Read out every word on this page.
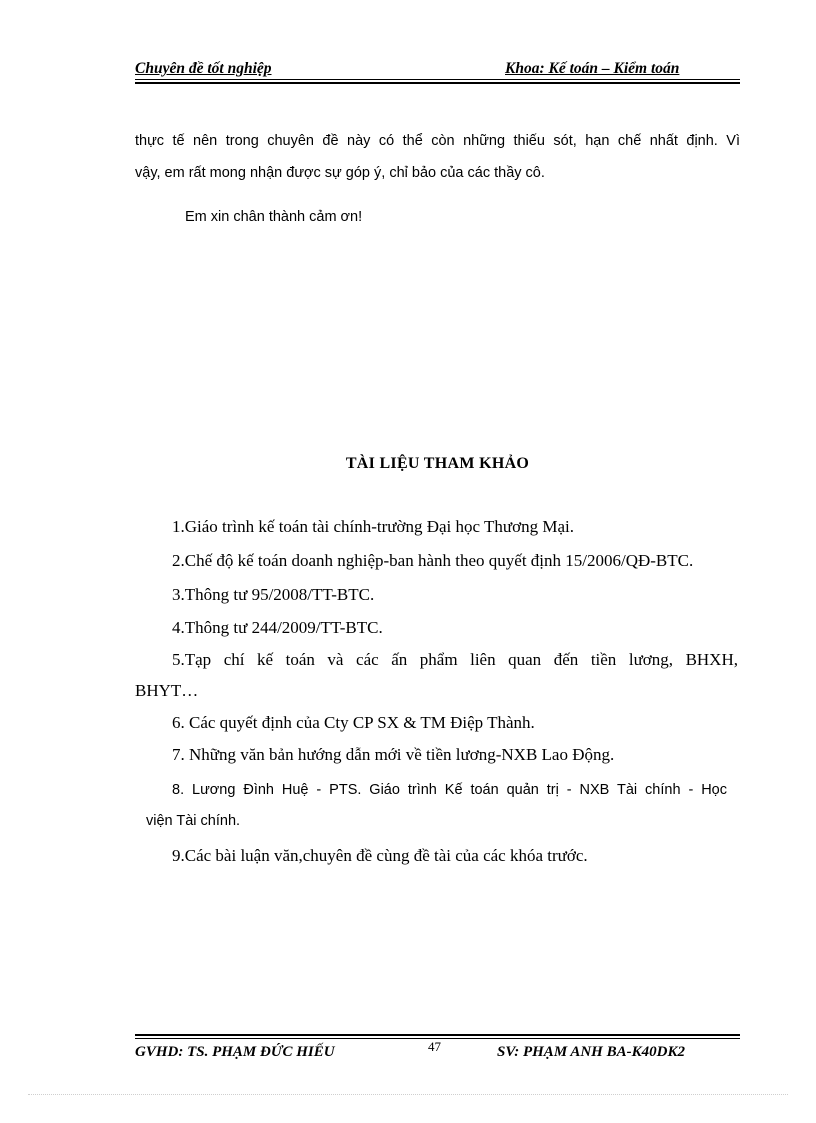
Chuyên đề tốt nghiệp	Khoa: Kế toán – Kiểm toán
thực tế nên trong chuyên đề này có thể còn những thiếu sót, hạn chế nhất định. Vì
vậy, em rất mong nhận được sự góp ý, chỉ bảo của các thầy cô.
Em xin chân thành cảm ơn!
TÀI LIỆU THAM KHẢO
1.Giáo trình kế toán tài chính-trường Đại học Thương Mại.
2.Chế độ kế toán doanh nghiệp-ban hành theo quyết định 15/2006/QĐ-BTC.
3.Thông tư 95/2008/TT-BTC.
4.Thông tư 244/2009/TT-BTC.
5.Tạp chí kế toán và các ấn phẩm liên quan đến tiền lương, BHXH,
BHYT…
6. Các quyết định của Cty CP SX & TM Điệp Thành.
7. Những văn bản hướng dẫn mới về tiền lương-NXB Lao Động.
8. Lương Đình Huệ - PTS. Giáo trình Kế toán quản trị - NXB Tài chính - Học
viện Tài chính.
9.Các bài luận văn,chuyên đề cùng đề tài của các khóa trước.
GVHD: TS. PHẠM ĐỨC HIẾU	47	SV: PHẠM ANH BA-K40DK2
